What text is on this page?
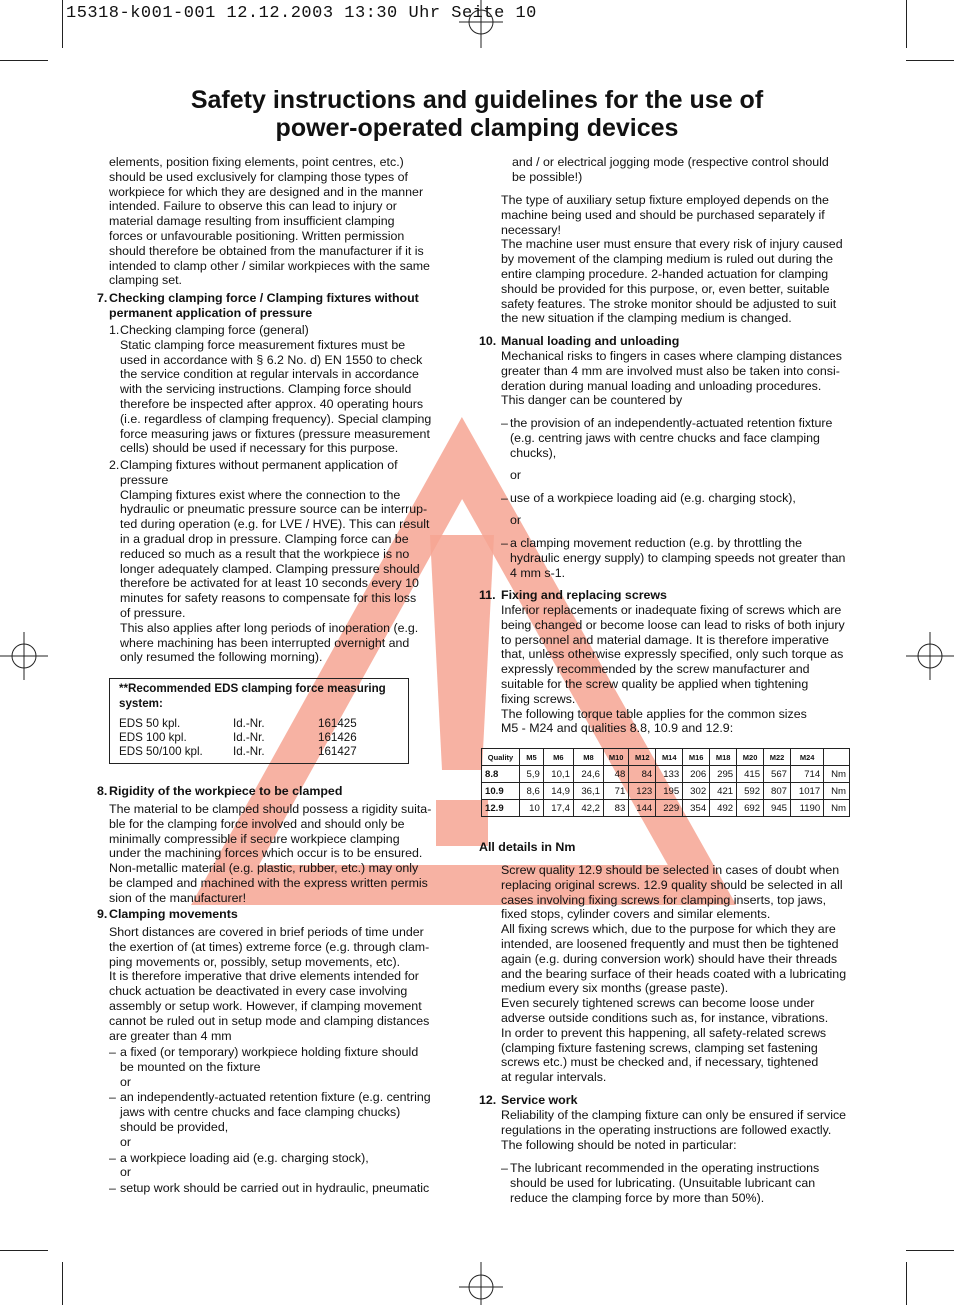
15318-k001-001 12.12.2003 13:30 Uhr Seite 10
Safety instructions and guidelines for the use of
power-operated clamping devices
elements, position fixing elements, point centres, etc.)
should be used exclusively for clamping those types of
workpiece for which they are designed and in the manner
intended. Failure to observe this can lead to injury or
material damage resulting from insufficient clamping
forces or unfavourable positioning. Written permission
should therefore be obtained from the manufacturer if it is
intended to clamp other / similar workpieces with the same
clamping set.
7. Checking clamping force / Clamping fixtures without
permanent application of pressure
1. Checking clamping force (general)
Static clamping force measurement fixtures must be
used in accordance with § 6.2 No. d) EN 1550 to check
the service condition at regular intervals in accordance
with the servicing instructions. Clamping force should
therefore be inspected after approx. 40 operating hours
(i.e. regardless of clamping frequency). Special clamping
force measuring jaws or fixtures (pressure measurement
cells) should be used if necessary for this purpose.
2. Clamping fixtures without permanent application of
pressure
Clamping fixtures exist where the connection to the
hydraulic or pneumatic pressure source can be interrup-
ted during operation (e.g. for LVE / HVE). This can result
in a gradual drop in pressure. Clamping force can be
reduced so much as a result that the workpiece is no
longer adequately clamped. Clamping pressure should
therefore be activated for at least 10 seconds every 10
minutes for safety reasons to compensate for this loss
of pressure.
This also applies after long periods of inoperation (e.g.
where machining has been interrupted overnight and
only resumed the following morning).
**Recommended EDS clamping force measuring
system:
EDS 50 kpl.	Id.-Nr.	161425
EDS 100 kpl.	Id.-Nr.	161426
EDS 50/100 kpl.	Id.-Nr.	161427
8. Rigidity of the workpiece to be clamped
The material to be clamped should possess a rigidity suita-
ble for the clamping force involved and should only be
minimally compressible if secure workpiece clamping
under the machining forces which occur is to be ensured.
Non-metallic material (e.g. plastic, rubber, etc.) may only
be clamped and machined with the express written permis
sion of the manufacturer!
9. Clamping movements
Short distances are covered in brief periods of time under
the exertion of (at times) extreme force (e.g. through clam-
ping movements or, possibly, setup movements, etc).
It is therefore imperative that drive elements intended for
chuck actuation be deactivated in every case involving
assembly or setup work. However, if clamping movement
cannot be ruled out in setup mode and clamping distances
are greater than 4 mm
– a fixed (or temporary) workpiece holding fixture should
be mounted on the fixture
or
– an independently-actuated retention fixture (e.g. centring
jaws with centre chucks and face clamping chucks)
should be provided,
or
– a workpiece loading aid (e.g. charging stock),
or
– setup work should be carried out in hydraulic, pneumatic
and / or electrical jogging mode (respective control should
be possible!)
The type of auxiliary setup fixture employed depends on the
machine being used and should be purchased separately if
necessary!
The machine user must ensure that every risk of injury caused
by movement of the clamping medium is ruled out during the
entire clamping procedure. 2-handed actuation for clamping
should be provided for this purpose, or, even better, suitable
safety features. The stroke monitor should be adjusted to suit
the new situation if the clamping medium is changed.
10. Manual loading and unloading
Mechanical risks to fingers in cases where clamping distances
greater than 4 mm are involved must also be taken into consi-
deration during manual loading and unloading procedures.
This danger can be countered by
– the provision of an independently-actuated retention fixture
(e.g. centring jaws with centre chucks and face clamping
chucks),
or
– use of a workpiece loading aid (e.g. charging stock),
or
– a clamping movement reduction (e.g. by throttling the
hydraulic energy supply) to clamping speeds not greater than
4 mm s-1.
11. Fixing and replacing screws
Inferior replacements or inadequate fixing of screws which are
being changed or become loose can lead to risks of both injury
to personnel and material damage. It is therefore imperative
that, unless otherwise expressly specified, only such torque as
expressly recommended by the screw manufacturer and
suitable for the screw quality be applied when tightening
fixing screws.
The following torque table applies for the common sizes
M5 - M24 and qualities 8.8, 10.9 and 12.9:
Quality	M5	M6	M8	M10	M12	M14	M16	M18	M20	M22	M24	
8.8	5,9	10,1	24,6	48	84	133	206	295	415	567	714	Nm
10.9	8,6	14,9	36,1	71	123	195	302	421	592	807	1017	Nm
12.9	10	17,4	42,2	83	144	229	354	492	692	945	1190	Nm
All details in Nm
Screw quality 12.9 should be selected in cases of doubt when
replacing original screws. 12.9 quality should be selected in all
cases involving fixing screws for clamping inserts, top jaws,
fixed stops, cylinder covers and similar elements.
All fixing screws which, due to the purpose for which they are
intended, are loosened frequently and must then be tightened
again (e.g. during conversion work) should have their threads
and the bearing surface of their heads coated with a lubricating
medium every six months (grease paste).
Even securely tightened screws can become loose under
adverse outside conditions such as, for instance, vibrations.
In order to prevent this happening, all safety-related screws
(clamping fixture fastening screws, clamping set fastening
screws etc.) must be checked and, if necessary, tightened
at regular intervals.
12. Service work
Reliability of the clamping fixture can only be ensured if service
regulations in the operating instructions are followed exactly.
The following should be noted in particular:
– The lubricant recommended in the operating instructions
should be used for lubricating. (Unsuitable lubricant can
reduce the clamping force by more than 50%).
